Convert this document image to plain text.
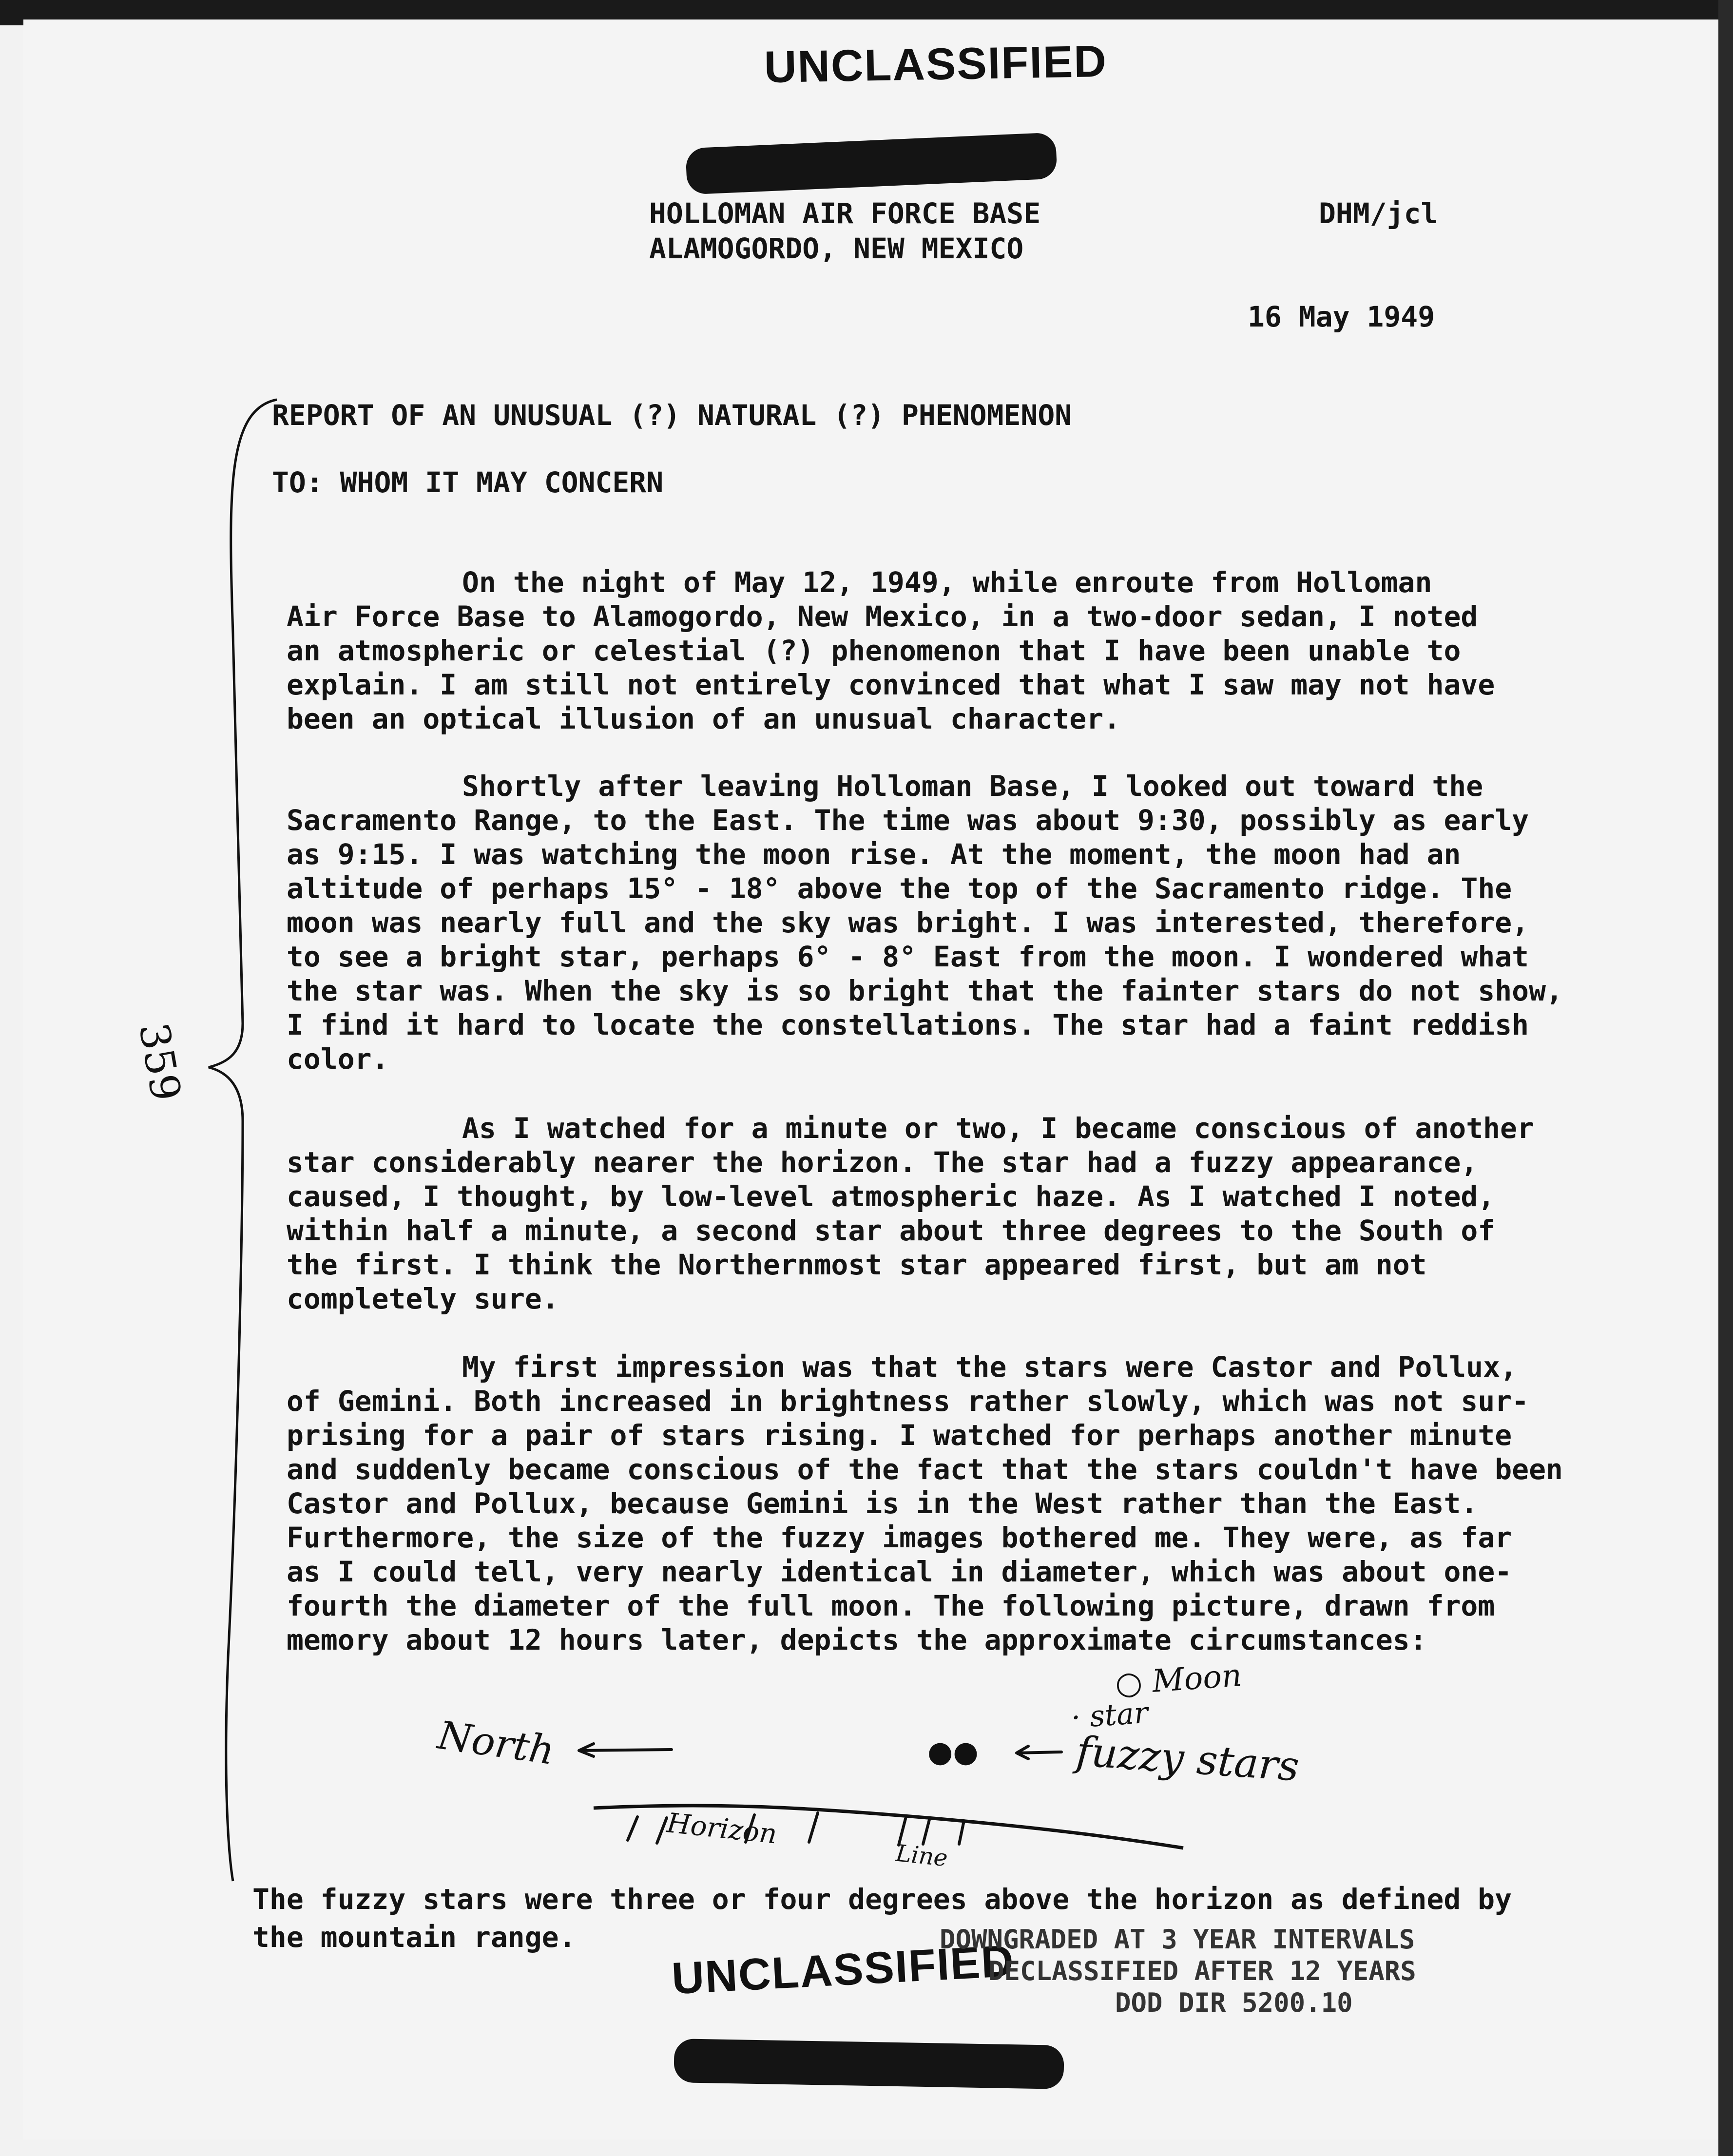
UNCLASSIFIED
HOLLOMAN AIR FORCE BASE
ALAMOGORDO, NEW MEXICO
DHM/jcl
16 May 1949
REPORT OF AN UNUSUAL (?) NATURAL (?) PHENOMENON
TO: WHOM IT MAY CONCERN
On the night of May 12, 1949, while enroute from Holloman
Air Force Base to Alamogordo, New Mexico, in a two-door sedan, I noted
an atmospheric or celestial (?) phenomenon that I have been unable to
explain. I am still not entirely convinced that what I saw may not have
been an optical illusion of an unusual character.
Shortly after leaving Holloman Base, I looked out toward the
Sacramento Range, to the East. The time was about 9:30, possibly as early
as 9:15. I was watching the moon rise. At the moment, the moon had an
altitude of perhaps 15° - 18° above the top of the Sacramento ridge. The
moon was nearly full and the sky was bright. I was interested, therefore,
to see a bright star, perhaps 6° - 8° East from the moon. I wondered what
the star was. When the sky is so bright that the fainter stars do not show,
I find it hard to locate the constellations. The star had a faint reddish
color.
As I watched for a minute or two, I became conscious of another
star considerably nearer the horizon. The star had a fuzzy appearance,
caused, I thought, by low-level atmospheric haze. As I watched I noted,
within half a minute, a second star about three degrees to the South of
the first. I think the Northernmost star appeared first, but am not
completely sure.
My first impression was that the stars were Castor and Pollux,
of Gemini. Both increased in brightness rather slowly, which was not sur-
prising for a pair of stars rising. I watched for perhaps another minute
and suddenly became conscious of the fact that the stars couldn't have been
Castor and Pollux, because Gemini is in the West rather than the East.
Furthermore, the size of the fuzzy images bothered me. They were, as far
as I could tell, very nearly identical in diameter, which was about one-
fourth the diameter of the full moon. The following picture, drawn from
memory about 12 hours later, depicts the approximate circumstances:
○ Moon
· star
North	●● fuzzy stars
Horizon
Line
The fuzzy stars were three or four degrees above the horizon as defined by
the mountain range.
359
UNCLASSIFIED
DOWNGRADED AT 3 YEAR INTERVALS
DECLASSIFIED AFTER 12 YEARS
DOD DIR 5200.10
